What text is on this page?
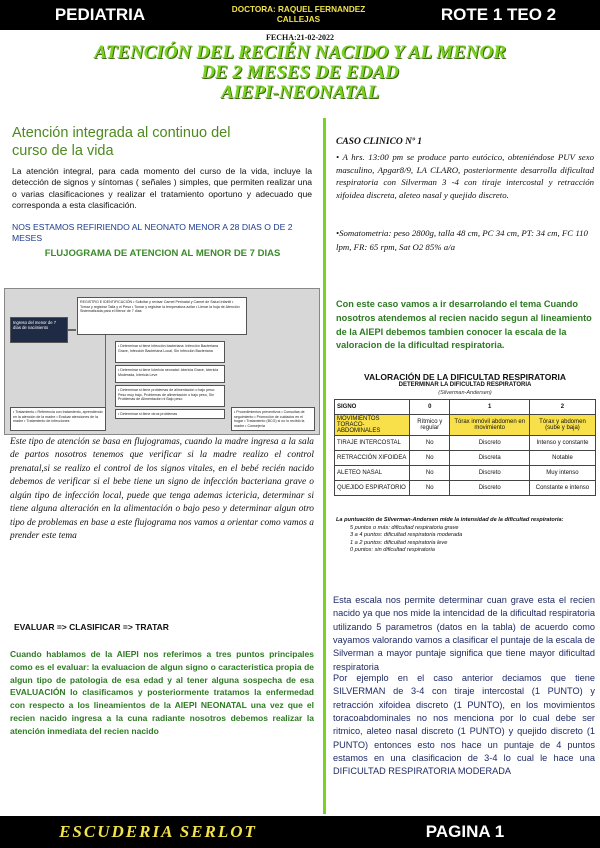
PEDIATRIA	DOCTORA: RAQUEL FERNANDEZ
CALLEJAS	ROTE 1 TEO 2
FECHA:21-02-2022
ATENCIÓN DEL RECIÉN NACIDO Y AL MENOR
DE 2 MESES DE EDAD
AIEPI-NEONATAL
Atención integrada al continuo del
curso de la vida
La atención integral, para cada momento del curso de la vida, incluye la detección de signos y síntomas ( señales ) simples, que permiten realizar una o varias clasificaciones y realizar el tratamiento oportuno y adecuado que corresponda a esta clasificación.
NOS ESTAMOS REFIRIENDO AL NEONATO MENOR A 28 DIAS O DE 2 MESES
FLUJOGRAMA DE ATENCION AL MENOR DE 7 DIAS
Ingreso del menor de 7 días de nacimiento
REGISTRO E IDENTIFICACIÓN • Solicitar y revisar Carnet Perinatal y Carnet de Salud Infantil • Tomar y registrar Talla y el Peso • Tomar y registrar la temperatura axilar • Llenar la hoja de Atención Sistematizada para el Menor de 7 días
• Determinar si tiene infección bacteriana: Infección Bacteriana Grave, Infección Bacteriana Local, Sin Infección Bacteriana
• Determinar si tiene Ictericia neonatal: Ictericia Grave, Ictericia Moderada, Ictericia Leve
• Determinar si tiene problemas de alimentación o bajo peso: Peso muy bajo, Problemas de alimentación o bajo peso, Sin Problemas de Alimentación ni Bajo peso
• Determinar si tiene otros problemas
• Tratamiento • Referencia con tratamiento, aprendiendo en la atención de la madre • Evaluar atenciones de la madre • Tratamiento de infecciones
• Procedimientos preventivos • Consultas de seguimiento • Promoción de cuidados en el hogar • Tratamiento (BCG) si no lo recibió la madre • Consejería
Este tipo de atención se basa en flujogramas, cuando la madre ingresa a la sala de partos nosotros tenemos que verificar si la madre realizo el control prenatal,si se realizo el control de los signos vitales, en el bebé recién nacido debemos de verificar si el bebe tiene un signo de infección bacteriana grave o algún tipo de infección local, puede que tenga ademas ictericia, determinar si tiene alguna alteración en la alimentación o bajo peso y determinar algun otro tipo de problemas en base a este flujograma nos vamos a orientar como vamos a prender este tema
EVALUAR => CLASIFICAR => TRATAR
Cuando hablamos de la AIEPI nos referimos a tres puntos principales como es el evaluar: la evaluacion de algun signo o caracteristica propia de algun tipo de patologia de esa edad y al tener alguna sospecha de esa EVALUACIÓN lo clasificamos y posteriormente tratamos la enfermedad con respecto a los lineamientos de la AIEPI NEONATAL una vez que el recien nacido ingresa a la cuna radiante nosotros debemos realizar la atención inmediata del recien nacido
CASO CLINICO Nº 1
• A hrs. 13:00 pm se produce parto eutócico, obteniéndose PUV sexo masculino, Apgar8/9, LA CLARO, posteriormente desarrolla dificultad respiratoria con Silverman 3 -4 con tiraje intercostal y retracción xifoidea discreta, aleteo nasal y quejido discreto.
•Somatometria: peso 2800g, talla 48 cm, PC 34 cm, PT: 34 cm, FC 110 lpm, FR: 65 rpm, Sat O2 85% a/a
Con este caso vamos a ir desarrolando el tema Cuando nosotros atendemos al recien nacido segun al lineamiento de la AIEPI debemos tambien conocer la escala de la valoracion de la dificultad respiratoria.
VALORACIÓN DE LA DIFICULTAD RESPIRATORIA
DETERMINAR LA DIFICULTAD RESPIRATORIA
(Silverman-Andersen)
SIGNO	0	1	2
MOVIMIENTOS TORACO-ABDOMINALES	Rítmico y regular	Tórax inmóvil abdomen en movimiento	Tórax y abdomen (sube y baja)
TIRAJE INTERCOSTAL	No	Discreto	Intenso y constante
RETRACCIÓN XIFOIDEA	No	Discreta	Notable
ALETEO NASAL	No	Discreto	Muy intenso
QUEJIDO ESPIRATORIO	No	Discreto	Constante e intenso
La puntuación de Silverman-Andersen mide la intensidad de la dificultad respiratoria:
5 puntos o más: dificultad respiratoria grave
3 a 4 puntos: dificultad respiratoria moderada
1 a 2 puntos: dificultad respiratoria leve
0 puntos: sin dificultad respiratoria
Esta escala nos permite determinar cuan grave esta el recien nacido ya que nos mide la intencidad de la dificultad respiratoria utilizando 5 parametros (datos en la tabla) de acuerdo como vayamos valorando vamos a clasificar el puntaje de la escala de Silverman a mayor puntaje significa que tiene mayor dificultad respiratoria
Por ejemplo en el caso anterior deciamos que tiene SILVERMAN de 3-4 con tiraje intercostal (1 PUNTO) y retracción xifoidea discreto (1 PUNTO), en los movimientos toracoabdominales no nos menciona por lo cual debe ser ritmico, aleteo nasal discreto (1 PUNTO) y quejido discreto (1 PUNTO) entonces esto nos hace un puntaje de 4 puntos estamos en una clasificacion de 3-4 lo cual le hace una DIFICULTAD RESPIRATORIA MODERADA
ESCUDERIA SERLOT	PAGINA 1
